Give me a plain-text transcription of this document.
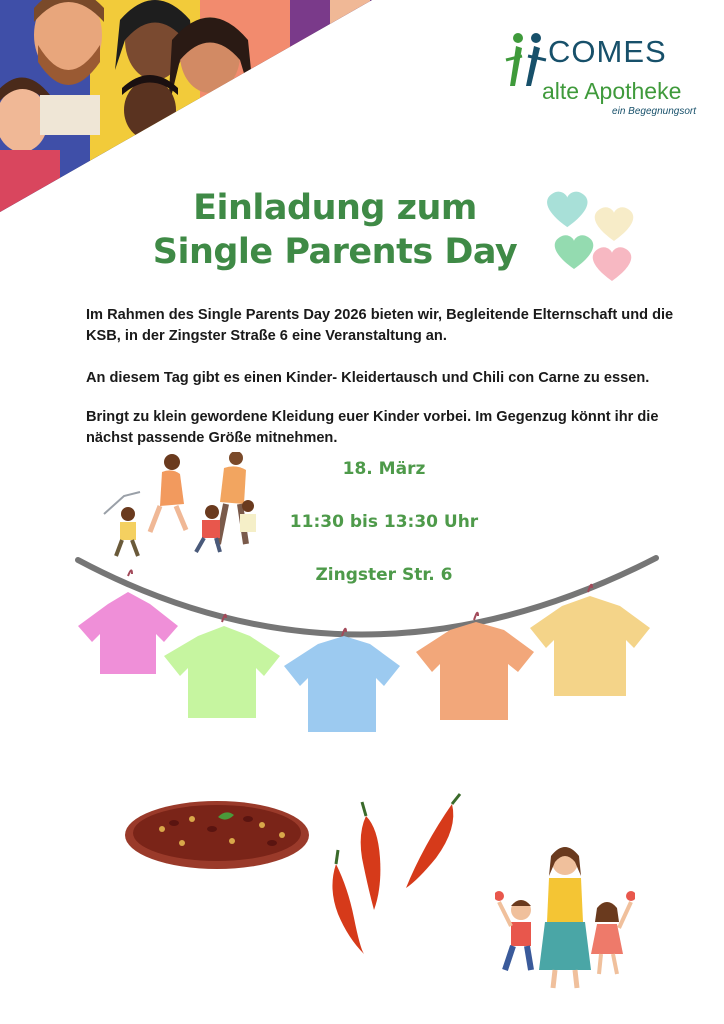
COMES
alte Apotheke
ein Begegnungsort
Einladung zum
Single Parents Day
Im Rahmen des Single Parents Day 2026 bieten wir, Begleitende Elternschaft und die KSB, in der Zingster Straße 6 eine Veranstaltung an.
An diesem Tag gibt es einen Kinder- Kleidertausch und Chili con Carne zu essen.
Bringt zu klein gewordene Kleidung euer Kinder vorbei. Im Gegenzug könnt ihr die nächst passende Größe mitnehmen.
18. März
11:30 bis 13:30 Uhr
Zingster Str. 6
